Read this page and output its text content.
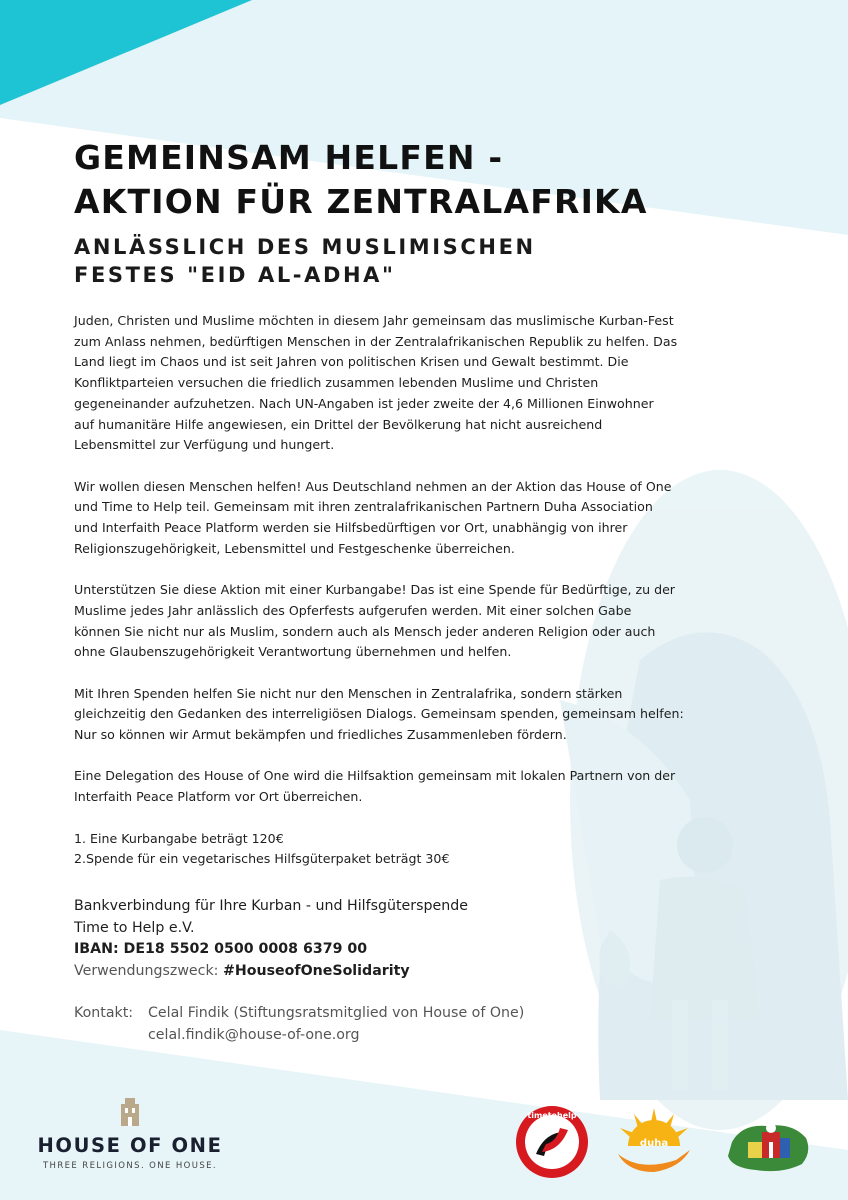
GEMEINSAM HELFEN -
AKTION FÜR ZENTRALAFRIKA
ANLÄSSLICH DES MUSLIMISCHEN
FESTES "EID AL-ADHA"

Juden, Christen und Muslime möchten in diesem Jahr gemeinsam das muslimische Kurban-Fest
zum Anlass nehmen, bedürftigen Menschen in der Zentralafrikanischen Republik zu helfen. Das
Land liegt im Chaos und ist seit Jahren von politischen Krisen und Gewalt bestimmt. Die
Konfliktparteien versuchen die friedlich zusammen lebenden Muslime und Christen
gegeneinander aufzuhetzen. Nach UN-Angaben ist jeder zweite der 4,6 Millionen Einwohner
auf humanitäre Hilfe angewiesen, ein Drittel der Bevölkerung hat nicht ausreichend
Lebensmittel zur Verfügung und hungert.

Wir wollen diesen Menschen helfen! Aus Deutschland nehmen an der Aktion das House of One
und Time to Help teil. Gemeinsam mit ihren zentralafrikanischen Partnern Duha Association
und Interfaith Peace Platform werden sie Hilfsbedürftigen vor Ort, unabhängig von ihrer
Religionszugehörigkeit, Lebensmittel und Festgeschenke überreichen.

Unterstützen Sie diese Aktion mit einer Kurbangabe! Das ist eine Spende für Bedürftige, zu der
Muslime jedes Jahr anlässlich des Opferfests aufgerufen werden. Mit einer solchen Gabe
können Sie nicht nur als Muslim, sondern auch als Mensch jeder anderen Religion oder auch
ohne Glaubenszugehörigkeit Verantwortung übernehmen und helfen.

Mit Ihren Spenden helfen Sie nicht nur den Menschen in Zentralafrika, sondern stärken
gleichzeitig den Gedanken des interreligiösen Dialogs. Gemeinsam spenden, gemeinsam helfen:
Nur so können wir Armut bekämpfen und friedliches Zusammenleben fördern.

Eine Delegation des House of One wird die Hilfsaktion gemeinsam mit lokalen Partnern von der
Interfaith Peace Platform vor Ort überreichen.

1. Eine Kurbangabe beträgt 120€
2.Spende für ein vegetarisches Hilfsgüterpaket beträgt 30€

Bankverbindung für Ihre Kurban - und Hilfsgüterspende
Time to Help e.V.
IBAN: DE18 5502 0500 0008 6379 00
Verwendungszweck: #HouseofOneSolidarity
Kontakt: Celal Findik (Stiftungsratsmitglied von House of One)
celal.findik@house-of-one.org
HOUSE OF ONE
THREE RELIGIONS. ONE HOUSE.
timetohelp
duha
